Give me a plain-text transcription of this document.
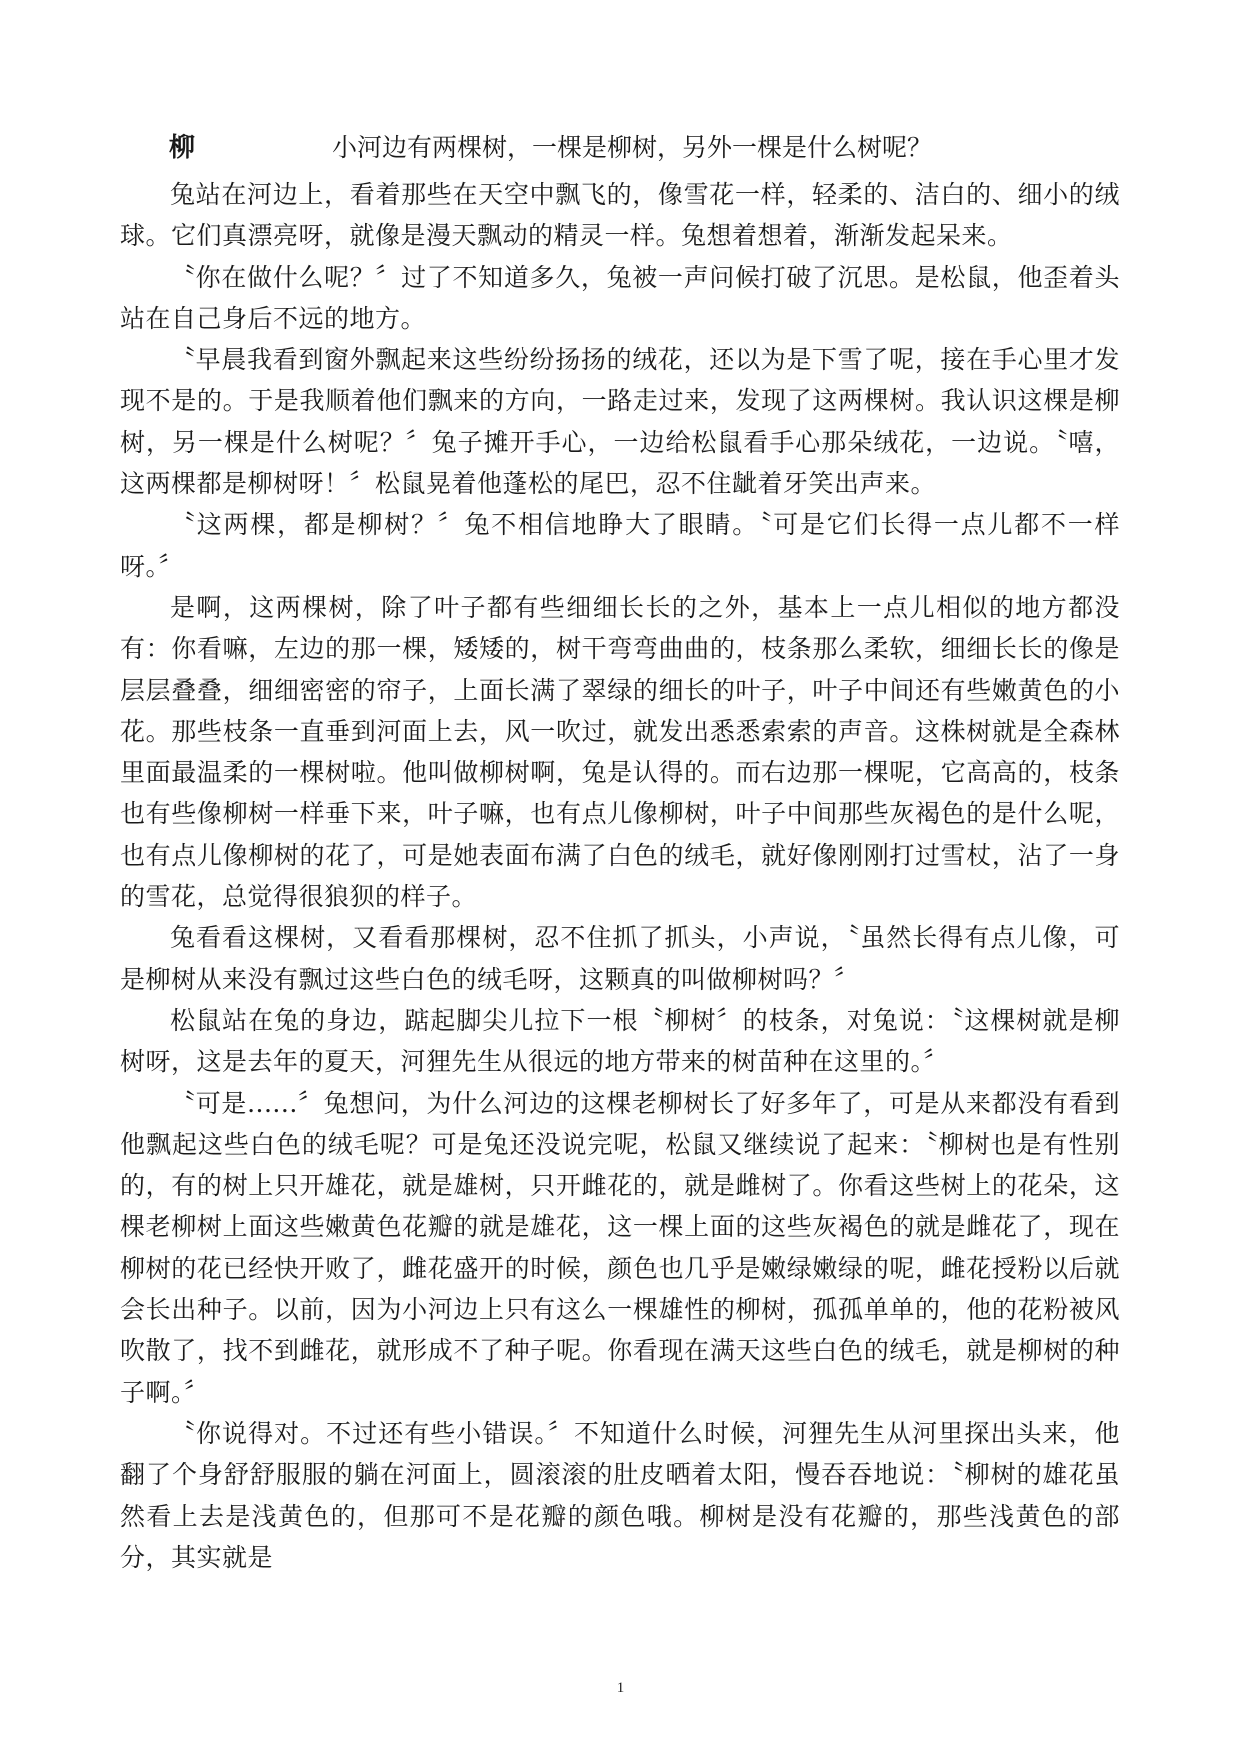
柳	小河边有两棵树，一棵是柳树，另外一棵是什么树呢？

兔站在河边上，看着那些在天空中飘飞的，像雪花一样，轻柔的、洁白的、细小的绒球。它们真漂亮呀，就像是漫天飘动的精灵一样。兔想着想着，渐渐发起呆来。

〝你在做什么呢？〞过了不知道多久，兔被一声问候打破了沉思。是松鼠，他歪着头站在自己身后不远的地方。

〝早晨我看到窗外飘起来这些纷纷扬扬的绒花，还以为是下雪了呢，接在手心里才发现不是的。于是我顺着他们飘来的方向，一路走过来，发现了这两棵树。我认识这棵是柳树，另一棵是什么树呢？〞兔子摊开手心，一边给松鼠看手心那朵绒花，一边说。〝嘻，这两棵都是柳树呀！〞松鼠晃着他蓬松的尾巴，忍不住龇着牙笑出声来。

〝这两棵，都是柳树？〞兔不相信地睁大了眼睛。〝可是它们长得一点儿都不一样呀。〞

是啊，这两棵树，除了叶子都有些细细长长的之外，基本上一点儿相似的地方都没有：你看嘛，左边的那一棵，矮矮的，树干弯弯曲曲的，枝条那么柔软，细细长长的像是层层叠叠，细细密密的帘子，上面长满了翠绿的细长的叶子，叶子中间还有些嫩黄色的小花。那些枝条一直垂到河面上去，风一吹过，就发出悉悉索索的声音。这株树就是全森林里面最温柔的一棵树啦。他叫做柳树啊，兔是认得的。而右边那一棵呢，它高高的，枝条也有些像柳树一样垂下来，叶子嘛，也有点儿像柳树，叶子中间那些灰褐色的是什么呢，也有点儿像柳树的花了，可是她表面布满了白色的绒毛，就好像刚刚打过雪杖，沾了一身的雪花，总觉得很狼狈的样子。

兔看看这棵树，又看看那棵树，忍不住抓了抓头，小声说，〝虽然长得有点儿像，可是柳树从来没有飘过这些白色的绒毛呀，这颗真的叫做柳树吗？〞

松鼠站在兔的身边，踮起脚尖儿拉下一根〝柳树〞的枝条，对兔说：〝这棵树就是柳树呀，这是去年的夏天，河狸先生从很远的地方带来的树苗种在这里的。〞

〝可是......〞兔想问，为什么河边的这棵老柳树长了好多年了，可是从来都没有看到他飘起这些白色的绒毛呢？可是兔还没说完呢，松鼠又继续说了起来：〝柳树也是有性别的，有的树上只开雄花，就是雄树，只开雌花的，就是雌树了。你看这些树上的花朵，这棵老柳树上面这些嫩黄色花瓣的就是雄花，这一棵上面的这些灰褐色的就是雌花了，现在柳树的花已经快开败了，雌花盛开的时候，颜色也几乎是嫩绿嫩绿的呢，雌花授粉以后就会长出种子。以前，因为小河边上只有这么一棵雄性的柳树，孤孤单单的，他的花粉被风吹散了，找不到雌花，就形成不了种子呢。你看现在满天这些白色的绒毛，就是柳树的种子啊。〞

〝你说得对。不过还有些小错误。〞不知道什么时候，河狸先生从河里探出头来，他翻了个身舒舒服服的躺在河面上，圆滚滚的肚皮晒着太阳，慢吞吞地说：〝柳树的雄花虽然看上去是浅黄色的，但那可不是花瓣的颜色哦。柳树是没有花瓣的，那些浅黄色的部分，其实就是

1
